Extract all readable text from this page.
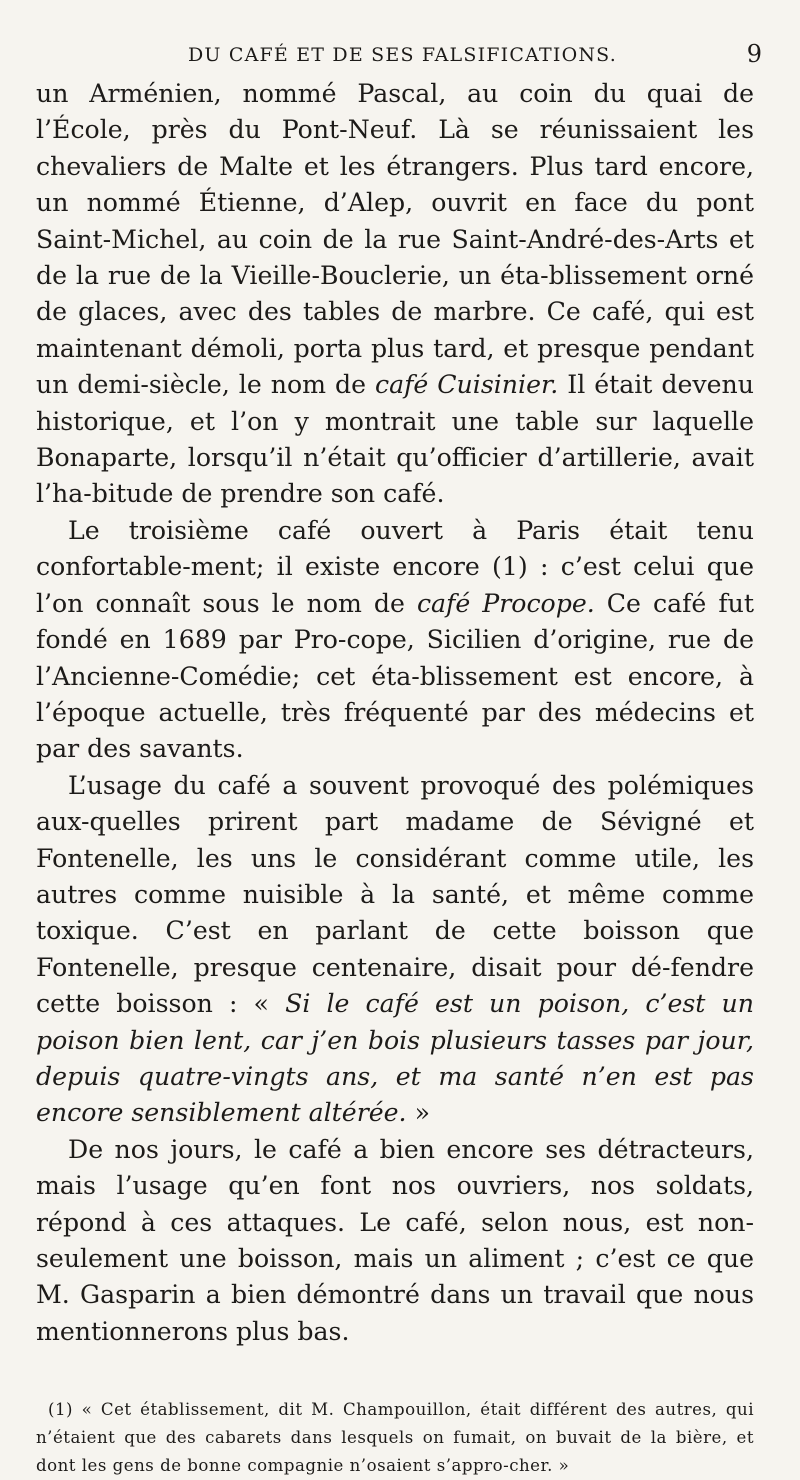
DU CAFÉ ET DE SES FALSIFICATIONS.	9

un Arménien, nommé Pascal, au coin du quai de l’École, près du Pont-Neuf. Là se réunissaient les chevaliers de Malte et les étrangers. Plus tard encore, un nommé Étienne, d’Alep, ouvrit en face du pont Saint-Michel, au coin de la rue Saint-André-des-Arts et de la rue de la Vieille-Bouclerie, un éta-blissement orné de glaces, avec des tables de marbre. Ce café, qui est maintenant démoli, porta plus tard, et presque pendant un demi-siècle, le nom de café Cuisinier. Il était devenu historique, et l’on y montrait une table sur laquelle Bonaparte, lorsqu’il n’était qu’officier d’artillerie, avait l’ha-bitude de prendre son café.

Le troisième café ouvert à Paris était tenu confortable-ment; il existe encore (1) : c’est celui que l’on connaît sous le nom de café Procope. Ce café fut fondé en 1689 par Pro-cope, Sicilien d’origine, rue de l’Ancienne-Comédie; cet éta-blissement est encore, à l’époque actuelle, très fréquenté par des médecins et par des savants.

L’usage du café a souvent provoqué des polémiques aux-quelles prirent part madame de Sévigné et Fontenelle, les uns le considérant comme utile, les autres comme nuisible à la santé, et même comme toxique. C’est en parlant de cette boisson que Fontenelle, presque centenaire, disait pour dé-fendre cette boisson : « Si le café est un poison, c’est un poison bien lent, car j’en bois plusieurs tasses par jour, depuis quatre-vingts ans, et ma santé n’en est pas encore sensiblement altérée. »

De nos jours, le café a bien encore ses détracteurs, mais l’usage qu’en font nos ouvriers, nos soldats, répond à ces attaques. Le café, selon nous, est non-seulement une boisson, mais un aliment ; c’est ce que M. Gasparin a bien démontré dans un travail que nous mentionnerons plus bas.

(1) « Cet établissement, dit M. Champouillon, était différent des autres, qui n’étaient que des cabarets dans lesquels on fumait, on buvait de la bière, et dont les gens de bonne compagnie n’osaient s’appro-cher. »
